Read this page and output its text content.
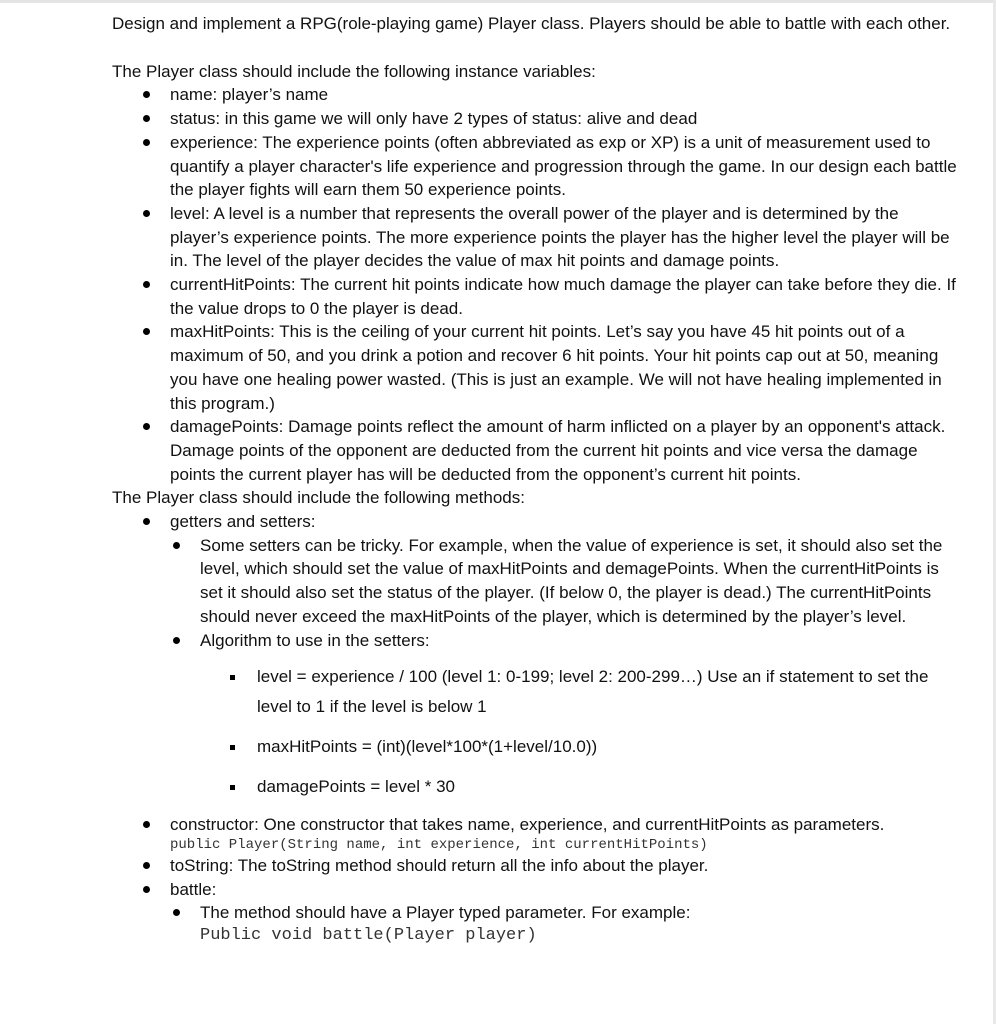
Design and implement a RPG(role-playing game) Player class. Players should be able to battle with each other.

The Player class should include the following instance variables:

name: player’s name
status: in this game we will only have 2 types of status: alive and dead
experience: The experience points (often abbreviated as exp or XP) is a unit of measurement used to quantify a player character's life experience and progression through the game. In our design each battle the player fights will earn them 50 experience points.
level: A level is a number that represents the overall power of the player and is determined by the player’s experience points. The more experience points the player has the higher level the player will be in. The level of the player decides the value of max hit points and damage points.
currentHitPoints: The current hit points indicate how much damage the player can take before they die. If the value drops to 0 the player is dead.
maxHitPoints: This is the ceiling of your current hit points. Let’s say you have 45 hit points out of a maximum of 50, and you drink a potion and recover 6 hit points. Your hit points cap out at 50, meaning you have one healing power wasted. (This is just an example. We will not have healing implemented in this program.)
damagePoints: Damage points reflect the amount of harm inflicted on a player by an opponent's attack. Damage points of the opponent are deducted from the current hit points and vice versa the damage points the current player has will be deducted from the opponent’s current hit points.

The Player class should include the following methods:

getters and setters:
Some setters can be tricky. For example, when the value of experience is set, it should also set the level, which should set the value of maxHitPoints and demagePoints. When the currentHitPoints is set it should also set the status of the player. (If below 0, the player is dead.) The currentHitPoints should never exceed the maxHitPoints of the player, which is determined by the player’s level.
Algorithm to use in the setters:
level = experience / 100 (level 1: 0-199; level 2: 200-299…) Use an if statement to set the level to 1 if the level is below 1
maxHitPoints = (int)(level*100*(1+level/10.0))
damagePoints = level * 30
constructor: One constructor that takes name, experience, and currentHitPoints as parameters.
public Player(String name, int experience, int currentHitPoints)
toString: The toString method should return all the info about the player.
battle:
The method should have a Player typed parameter. For example:
Public void battle(Player player)
